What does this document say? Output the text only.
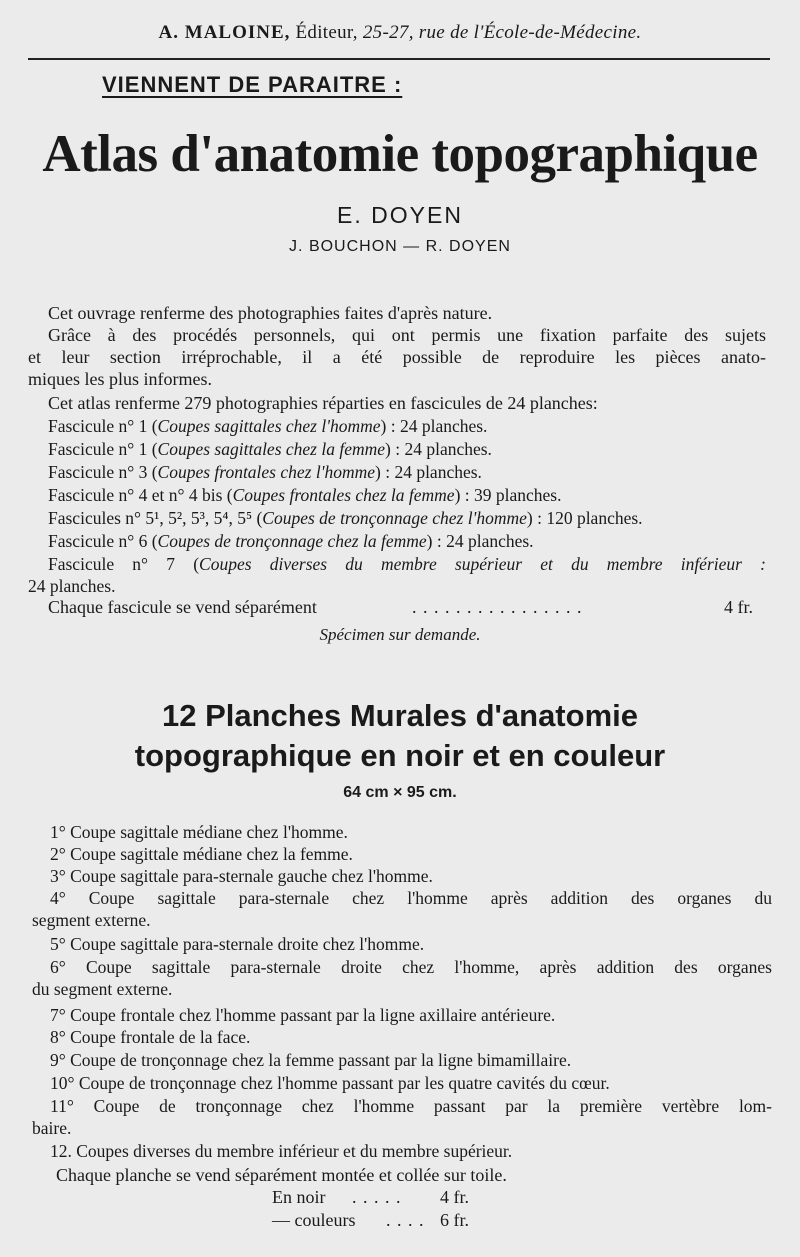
A. MALOINE, Éditeur, 25-27, rue de l'École-de-Médecine.
VIENNENT DE PARAITRE :
Atlas d'anatomie topographique
E. DOYEN
J. BOUCHON — R. DOYEN
Cet ouvrage renferme des photographies faites d'après nature.
Grâce à des procédés personnels, qui ont permis une fixation parfaite des sujets
et leur section irréprochable, il a été possible de reproduire les pièces anato-
miques les plus informes.
Cet atlas renferme 279 photographies réparties en fascicules de 24 planches:
Fascicule n° 1 (Coupes sagittales chez l'homme) : 24 planches.
Fascicule n° 1 (Coupes sagittales chez la femme) : 24 planches.
Fascicule n° 3 (Coupes frontales chez l'homme) : 24 planches.
Fascicule n° 4 et n° 4 bis (Coupes frontales chez la femme) : 39 planches.
Fascicules n° 5¹, 5², 5³, 5⁴, 5⁵ (Coupes de tronçonnage chez l'homme) : 120 planches.
Fascicule n° 6 (Coupes de tronçonnage chez la femme) : 24 planches.
Fascicule n° 7 (Coupes diverses du membre supérieur et du membre inférieur :
24 planches.
Chaque fascicule se vend séparément	. . . . . . . . . . . . . . . .	4 fr.
Spécimen sur demande.
12 Planches Murales d'anatomie
topographique en noir et en couleur
64 cm × 95 cm.
1° Coupe sagittale médiane chez l'homme.
2° Coupe sagittale médiane chez la femme.
3° Coupe sagittale para-sternale gauche chez l'homme.
4° Coupe sagittale para-sternale chez l'homme après addition des organes du
segment externe.
5° Coupe sagittale para-sternale droite chez l'homme.
6° Coupe sagittale para-sternale droite chez l'homme, après addition des organes
du segment externe.
7° Coupe frontale chez l'homme passant par la ligne axillaire antérieure.
8° Coupe frontale de la face.
9° Coupe de tronçonnage chez la femme passant par la ligne bimamillaire.
10° Coupe de tronçonnage chez l'homme passant par les quatre cavités du cœur.
11° Coupe de tronçonnage chez l'homme passant par la première vertèbre lom-
baire.
12. Coupes diverses du membre inférieur et du membre supérieur.
Chaque planche se vend séparément montée et collée sur toile.
En noir . . . . . 4 fr.
— couleurs . . . . 6 fr.
